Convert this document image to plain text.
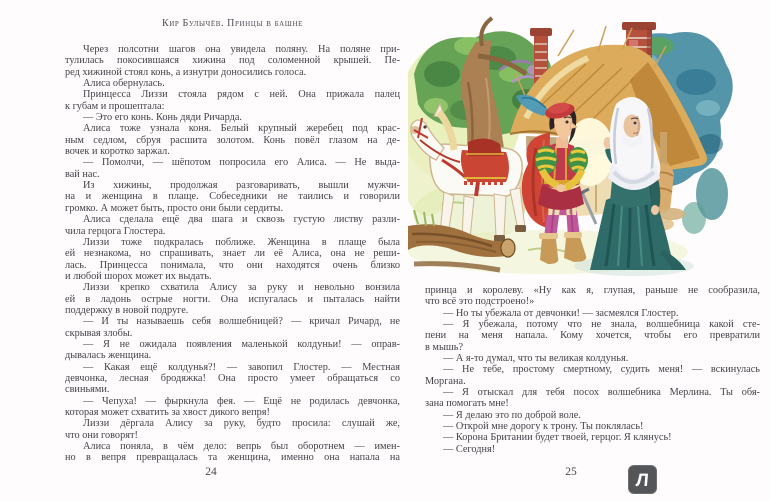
Кир Булычёв. Принцы в башне
Через полсотни шагов она увидела поляну. На поляне при-
тулилась покосившаяся хижина под соломенной крышей. Пе-
ред хижиной стоял конь, а изнутри доносились голоса.
Алиса обернулась.
Принцесса Лиззи стояла рядом с ней. Она прижала палец
к губам и прошептала:
— Это его конь. Конь дяди Ричарда.
Алиса тоже узнала коня. Белый крупный жеребец под крас-
ным седлом, сбруя расшита золотом. Конь повёл глазом на де-
вочек и коротко заржал.
— Помолчи, — шёпотом попросила его Алиса. — Не выда-
вай нас.
Из хижины, продолжая разговаривать, вышли мужчи-
на и женщина в плаще. Собеседники не таились и говорили
громко. А может быть, просто они были сердиты.
Алиса сделала ещё два шага и сквозь густую листву разли-
чила герцога Глостера.
Лиззи тоже подкралась поближе. Женщина в плаще была
ей незнакома, но спрашивать, знает ли её Алиса, она не реши-
лась. Принцесса понимала, что они находятся очень близко
и любой шорох может их выдать.
Лиззи крепко схватила Алису за руку и невольно вонзила
ей в ладонь острые ногти. Она испугалась и пыталась найти
поддержку в новой подруге.
— И ты называешь себя волшебницей? — кричал Ричард, не
скрывая злобы.
— Я не ожидала появления маленькой колдуньи! — оправ-
дывалась женщина.
— Какая ещё колдунья?! — завопил Глостер. — Местная
девчонка, лесная бродяжка! Она просто умеет обращаться со
свиньями.
— Чепуха! — фыркнула фея. — Ещё не родилась девчонка,
которая может схватить за хвост дикого вепря!
Лиззи дёргала Алису за руку, будто просила: слушай же,
что они говорят!
Алиса поняла, в чём дело: вепрь был оборотнем — имен-
но в вепря превращалась та женщина, именно она напала на
принца и королеву. «Ну как я, глупая, раньше не сообразила,
что всё это подстроено!»
— Но ты убежала от девчонки! — засмеялся Глостер.
— Я убежала, потому что не знала, волшебница какой сте-
пени на меня напала. Кому хочется, чтобы его превратили
в мышь?
— А я-то думал, что ты великая колдунья.
— Не тебе, простому смертному, судить меня! — вскинулась
Моргана.
— Я отыскал для тебя посох волшебника Мерлина. Ты обя-
зана помогать мне!
— Я делаю это по доброй воле.
— Открой мне дорогу к трону. Ты поклялась!
— Корона Британии будет твоей, герцог. Я клянусь!
— Сегодня!
24	25	Л
